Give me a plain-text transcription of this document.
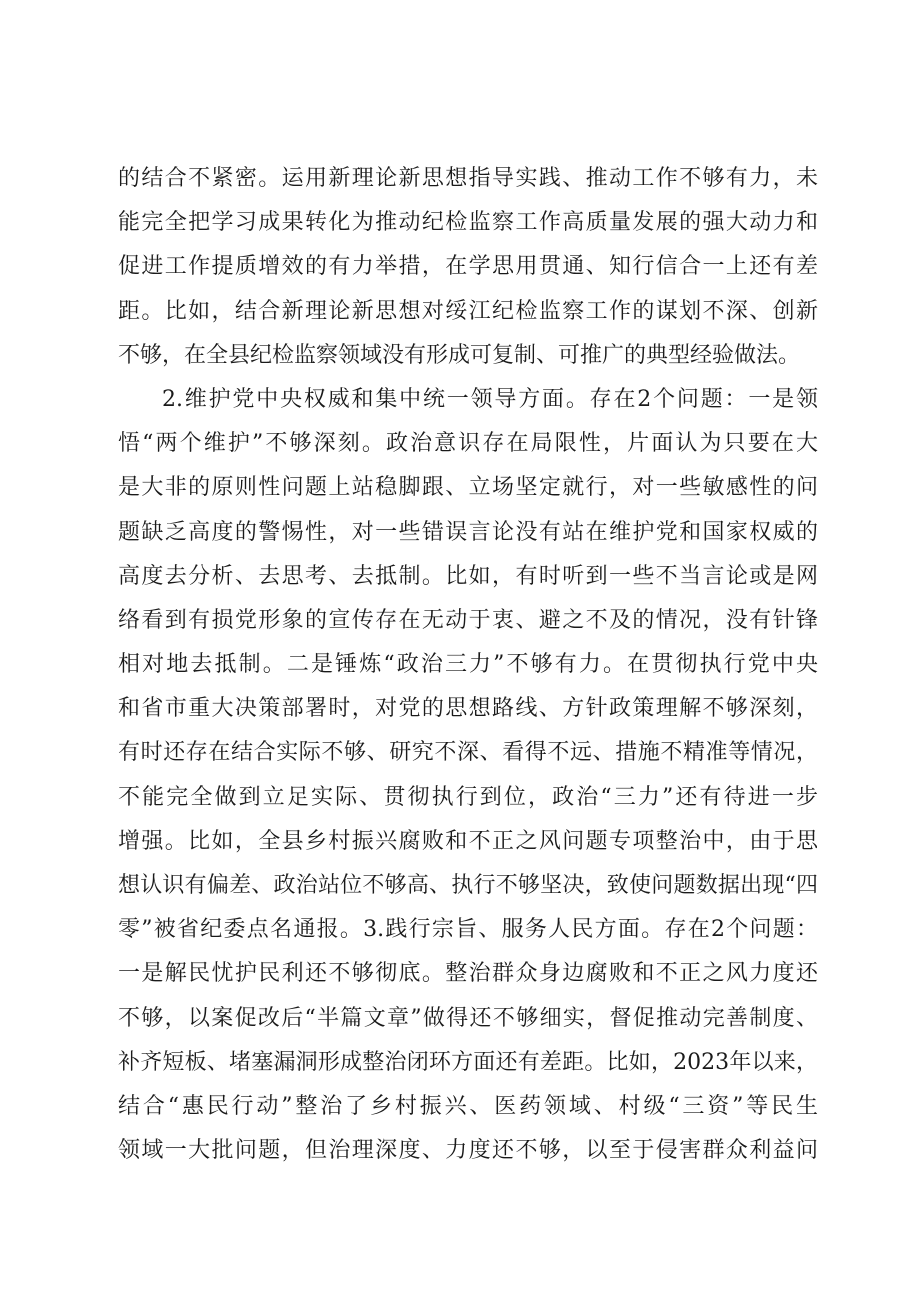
的结合不紧密。运用新理论新思想指导实践、推动工作不够有力，未
能完全把学习成果转化为推动纪检监察工作高质量发展的强大动力和
促进工作提质增效的有力举措，在学思用贯通、知行信合一上还有差
距。比如，结合新理论新思想对绥江纪检监察工作的谋划不深、创新
不够，在全县纪检监察领域没有形成可复制、可推广的典型经验做法。
2.维护党中央权威和集中统一领导方面。存在2个问题：一是领
悟“两个维护”不够深刻。政治意识存在局限性，片面认为只要在大
是大非的原则性问题上站稳脚跟、立场坚定就行，对一些敏感性的问
题缺乏高度的警惕性，对一些错误言论没有站在维护党和国家权威的
高度去分析、去思考、去抵制。比如，有时听到一些不当言论或是网
络看到有损党形象的宣传存在无动于衷、避之不及的情况，没有针锋
相对地去抵制。二是锤炼“政治三力”不够有力。在贯彻执行党中央
和省市重大决策部署时，对党的思想路线、方针政策理解不够深刻，
有时还存在结合实际不够、研究不深、看得不远、措施不精准等情况，
不能完全做到立足实际、贯彻执行到位，政治“三力”还有待进一步
增强。比如，全县乡村振兴腐败和不正之风问题专项整治中，由于思
想认识有偏差、政治站位不够高、执行不够坚决，致使问题数据出现“四
零”被省纪委点名通报。3.践行宗旨、服务人民方面。存在2个问题：
一是解民忧护民利还不够彻底。整治群众身边腐败和不正之风力度还
不够，以案促改后“半篇文章”做得还不够细实，督促推动完善制度、
补齐短板、堵塞漏洞形成整治闭环方面还有差距。比如，2023年以来，
结合“惠民行动”整治了乡村振兴、医药领域、村级“三资”等民生
领域一大批问题，但治理深度、力度还不够，以至于侵害群众利益问
